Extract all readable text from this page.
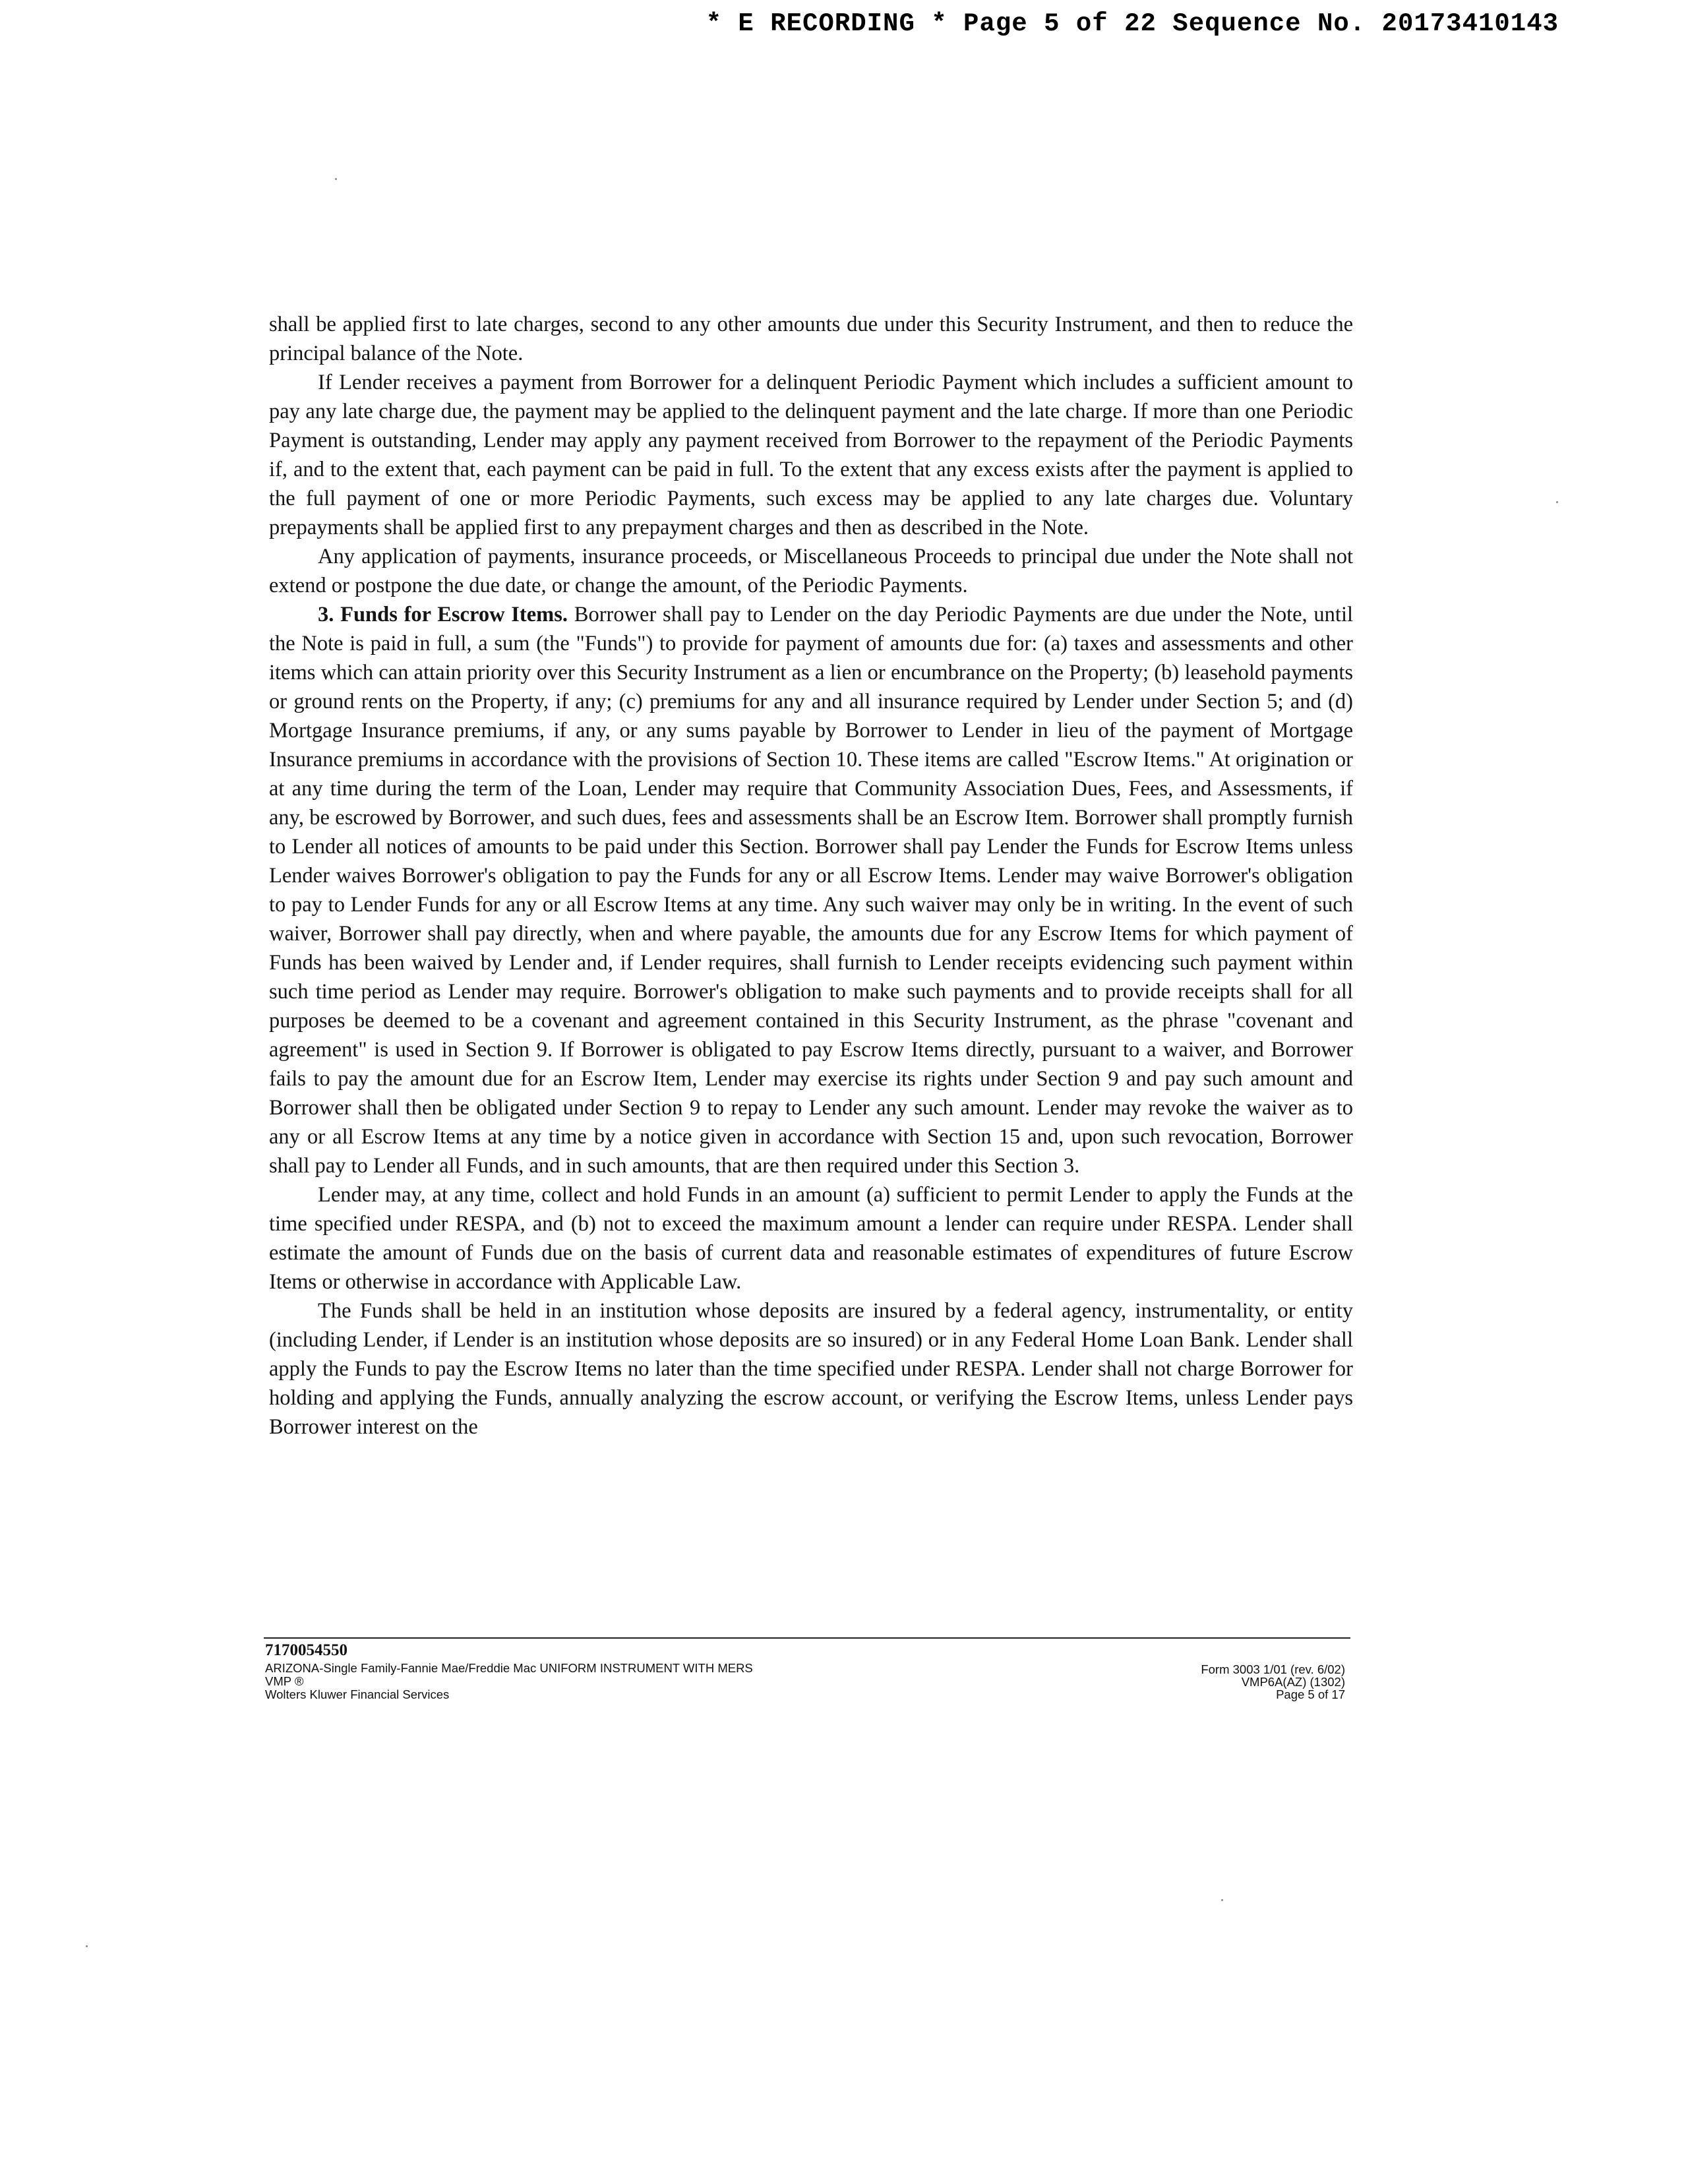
* E RECORDING * Page 5 of 22 Sequence No. 20173410143

shall be applied first to late charges, second to any other amounts due under this Security Instrument, and then to reduce the principal balance of the Note.

If Lender receives a payment from Borrower for a delinquent Periodic Payment which includes a sufficient amount to pay any late charge due, the payment may be applied to the delinquent payment and the late charge. If more than one Periodic Payment is outstanding, Lender may apply any payment received from Borrower to the repayment of the Periodic Payments if, and to the extent that, each payment can be paid in full. To the extent that any excess exists after the payment is applied to the full payment of one or more Periodic Payments, such excess may be applied to any late charges due. Voluntary prepayments shall be applied first to any prepayment charges and then as described in the Note.

Any application of payments, insurance proceeds, or Miscellaneous Proceeds to principal due under the Note shall not extend or postpone the due date, or change the amount, of the Periodic Payments.

3. Funds for Escrow Items. Borrower shall pay to Lender on the day Periodic Payments are due under the Note, until the Note is paid in full, a sum (the "Funds") to provide for payment of amounts due for: (a) taxes and assessments and other items which can attain priority over this Security Instrument as a lien or encumbrance on the Property; (b) leasehold payments or ground rents on the Property, if any; (c) premiums for any and all insurance required by Lender under Section 5; and (d) Mortgage Insurance premiums, if any, or any sums payable by Borrower to Lender in lieu of the payment of Mortgage Insurance premiums in accordance with the provisions of Section 10. These items are called "Escrow Items." At origination or at any time during the term of the Loan, Lender may require that Community Association Dues, Fees, and Assessments, if any, be escrowed by Borrower, and such dues, fees and assessments shall be an Escrow Item. Borrower shall promptly furnish to Lender all notices of amounts to be paid under this Section. Borrower shall pay Lender the Funds for Escrow Items unless Lender waives Borrower's obligation to pay the Funds for any or all Escrow Items. Lender may waive Borrower's obligation to pay to Lender Funds for any or all Escrow Items at any time. Any such waiver may only be in writing. In the event of such waiver, Borrower shall pay directly, when and where payable, the amounts due for any Escrow Items for which payment of Funds has been waived by Lender and, if Lender requires, shall furnish to Lender receipts evidencing such payment within such time period as Lender may require. Borrower's obligation to make such payments and to provide receipts shall for all purposes be deemed to be a covenant and agreement contained in this Security Instrument, as the phrase "covenant and agreement" is used in Section 9. If Borrower is obligated to pay Escrow Items directly, pursuant to a waiver, and Borrower fails to pay the amount due for an Escrow Item, Lender may exercise its rights under Section 9 and pay such amount and Borrower shall then be obligated under Section 9 to repay to Lender any such amount. Lender may revoke the waiver as to any or all Escrow Items at any time by a notice given in accordance with Section 15 and, upon such revocation, Borrower shall pay to Lender all Funds, and in such amounts, that are then required under this Section 3.

Lender may, at any time, collect and hold Funds in an amount (a) sufficient to permit Lender to apply the Funds at the time specified under RESPA, and (b) not to exceed the maximum amount a lender can require under RESPA. Lender shall estimate the amount of Funds due on the basis of current data and reasonable estimates of expenditures of future Escrow Items or otherwise in accordance with Applicable Law.

The Funds shall be held in an institution whose deposits are insured by a federal agency, instrumentality, or entity (including Lender, if Lender is an institution whose deposits are so insured) or in any Federal Home Loan Bank. Lender shall apply the Funds to pay the Escrow Items no later than the time specified under RESPA. Lender shall not charge Borrower for holding and applying the Funds, annually analyzing the escrow account, or verifying the Escrow Items, unless Lender pays Borrower interest on the

7170054550
ARIZONA-Single Family-Fannie Mae/Freddie Mac UNIFORM INSTRUMENT WITH MERS
VMP ®
Wolters Kluwer Financial Services
Form 3003 1/01 (rev. 6/02)
VMP6A(AZ) (1302)
Page 5 of 17
